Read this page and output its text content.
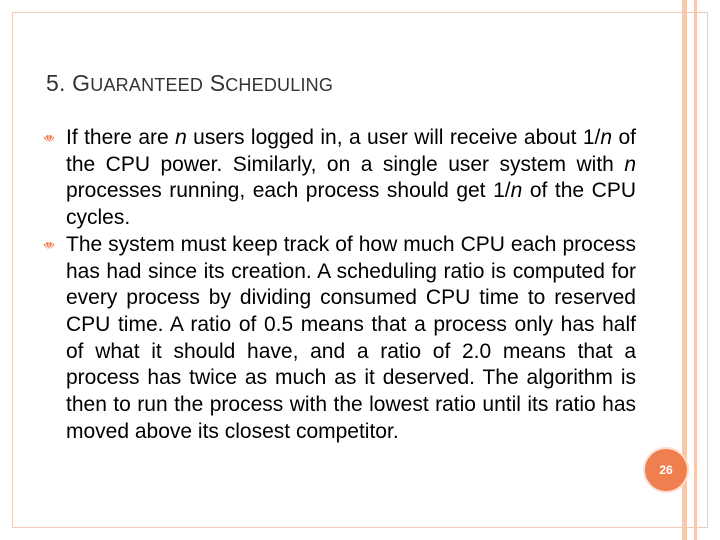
5. GUARANTEED SCHEDULING
If there are n users logged in, a user will receive about 1/n of the CPU power. Similarly, on a single user system with n processes running, each process should get 1/n of the CPU cycles.
The system must keep track of how much CPU each process has had since its creation. A scheduling ratio is computed for every process by dividing consumed CPU time to reserved CPU time. A ratio of 0.5 means that a process only has half of what it should have, and a ratio of 2.0 means that a process has twice as much as it deserved. The algorithm is then to run the process with the lowest ratio until its ratio has moved above its closest competitor.
26
